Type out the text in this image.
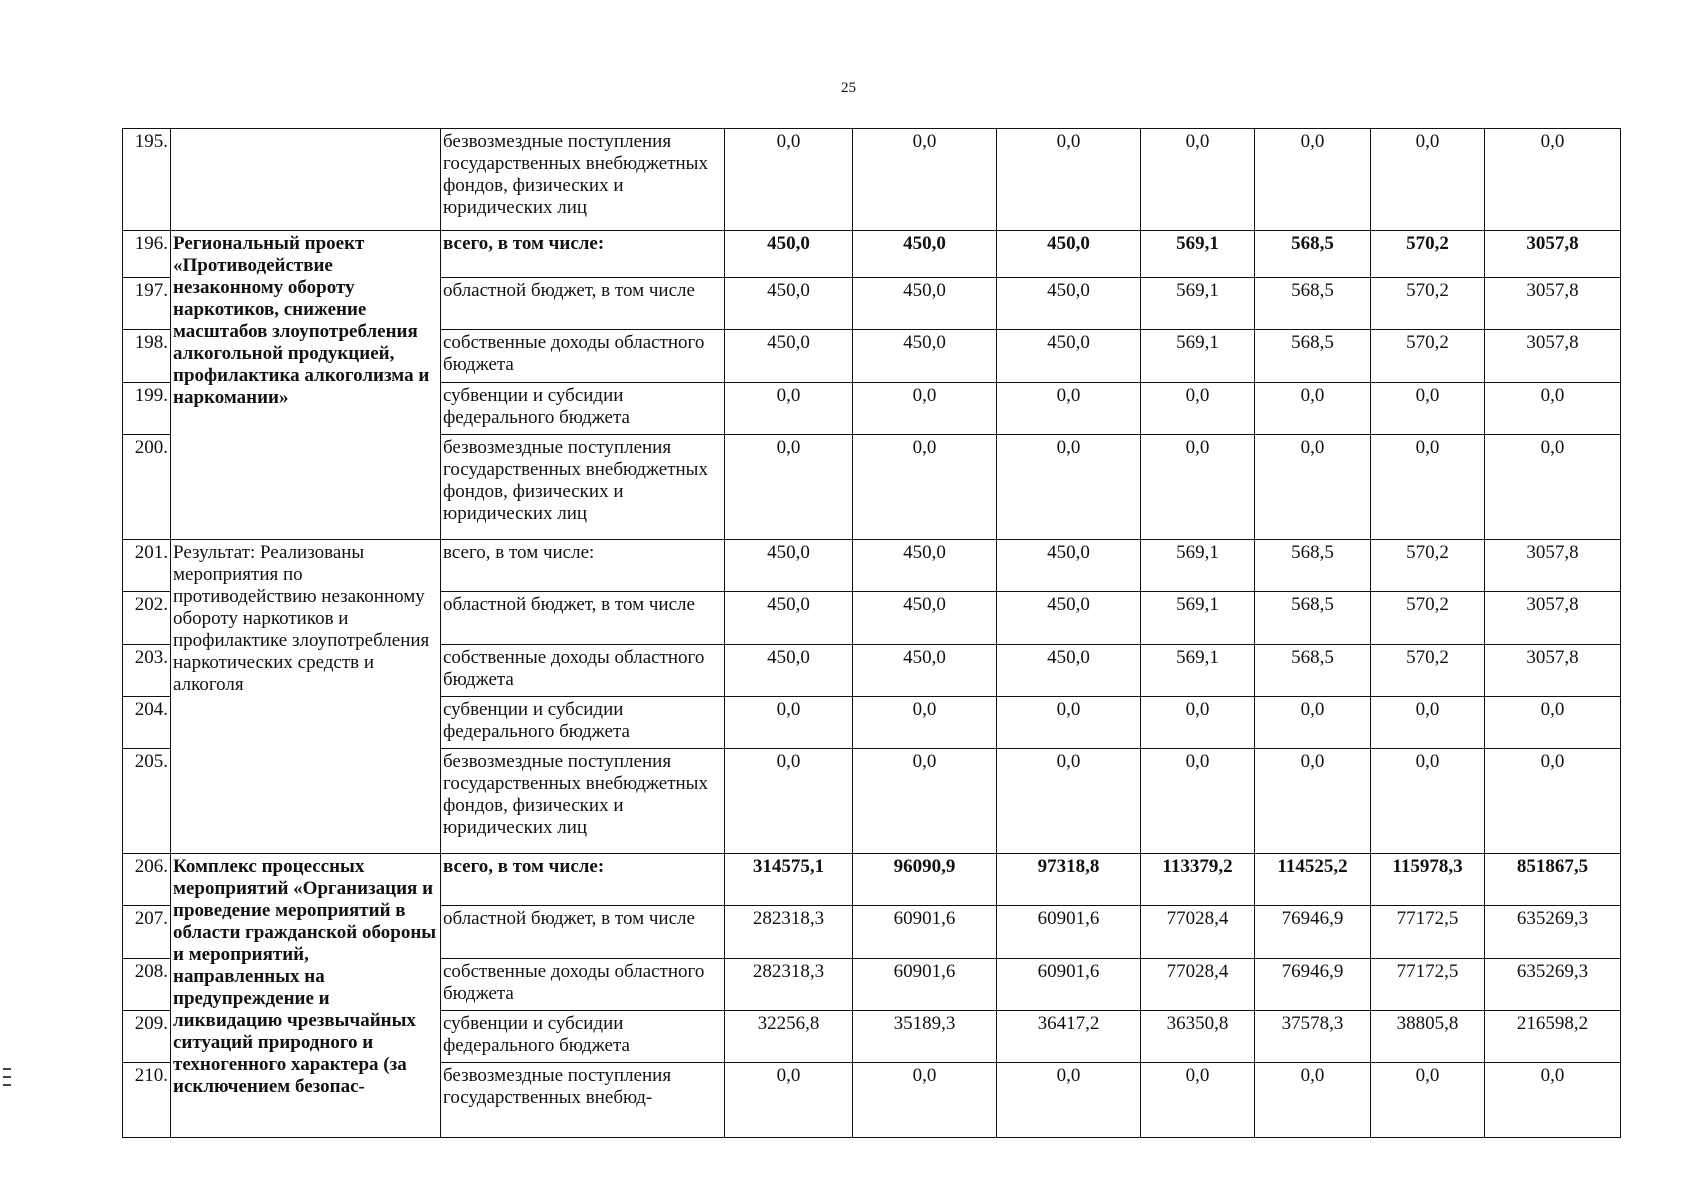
25
195.		безвозмездные поступления государственных внебюджетных фондов, физических и юридических лиц	0,0	0,0	0,0	0,0	0,0	0,0	0,0
196.	Региональный проект «Противодействие незаконному обороту наркотиков, снижение масштабов злоупотребления алкогольной продукцией, профилактика алкоголизма и наркомании»	всего, в том числе:	450,0	450,0	450,0	569,1	568,5	570,2	3057,8
197.		областной бюджет, в том числе	450,0	450,0	450,0	569,1	568,5	570,2	3057,8
198.		собственные доходы областного бюджета	450,0	450,0	450,0	569,1	568,5	570,2	3057,8
199.		субвенции и субсидии федерального бюджета	0,0	0,0	0,0	0,0	0,0	0,0	0,0
200.		безвозмездные поступления государственных внебюджетных фондов, физических и юридических лиц	0,0	0,0	0,0	0,0	0,0	0,0	0,0
201.	Результат: Реализованы мероприятия по противодействию незаконному обороту наркотиков и профилактике злоупотребления наркотических средств и алкоголя	всего, в том числе:	450,0	450,0	450,0	569,1	568,5	570,2	3057,8
202.		областной бюджет, в том числе	450,0	450,0	450,0	569,1	568,5	570,2	3057,8
203.		собственные доходы областного бюджета	450,0	450,0	450,0	569,1	568,5	570,2	3057,8
204.		субвенции и субсидии федерального бюджета	0,0	0,0	0,0	0,0	0,0	0,0	0,0
205.		безвозмездные поступления государственных внебюджетных фондов, физических и юридических лиц	0,0	0,0	0,0	0,0	0,0	0,0	0,0
206.	Комплекс процессных мероприятий «Организация и проведение мероприятий в области гражданской обороны и мероприятий, направленных на предупреждение и ликвидацию чрезвычайных ситуаций природного и техногенного характера (за исключением безопас-	всего, в том числе:	314575,1	96090,9	97318,8	113379,2	114525,2	115978,3	851867,5
207.		областной бюджет, в том числе	282318,3	60901,6	60901,6	77028,4	76946,9	77172,5	635269,3
208.		собственные доходы областного бюджета	282318,3	60901,6	60901,6	77028,4	76946,9	77172,5	635269,3
209.		субвенции и субсидии федерального бюджета	32256,8	35189,3	36417,2	36350,8	37578,3	38805,8	216598,2
210.		безвозмездные поступления государственных внебюд-	0,0	0,0	0,0	0,0	0,0	0,0	0,0
